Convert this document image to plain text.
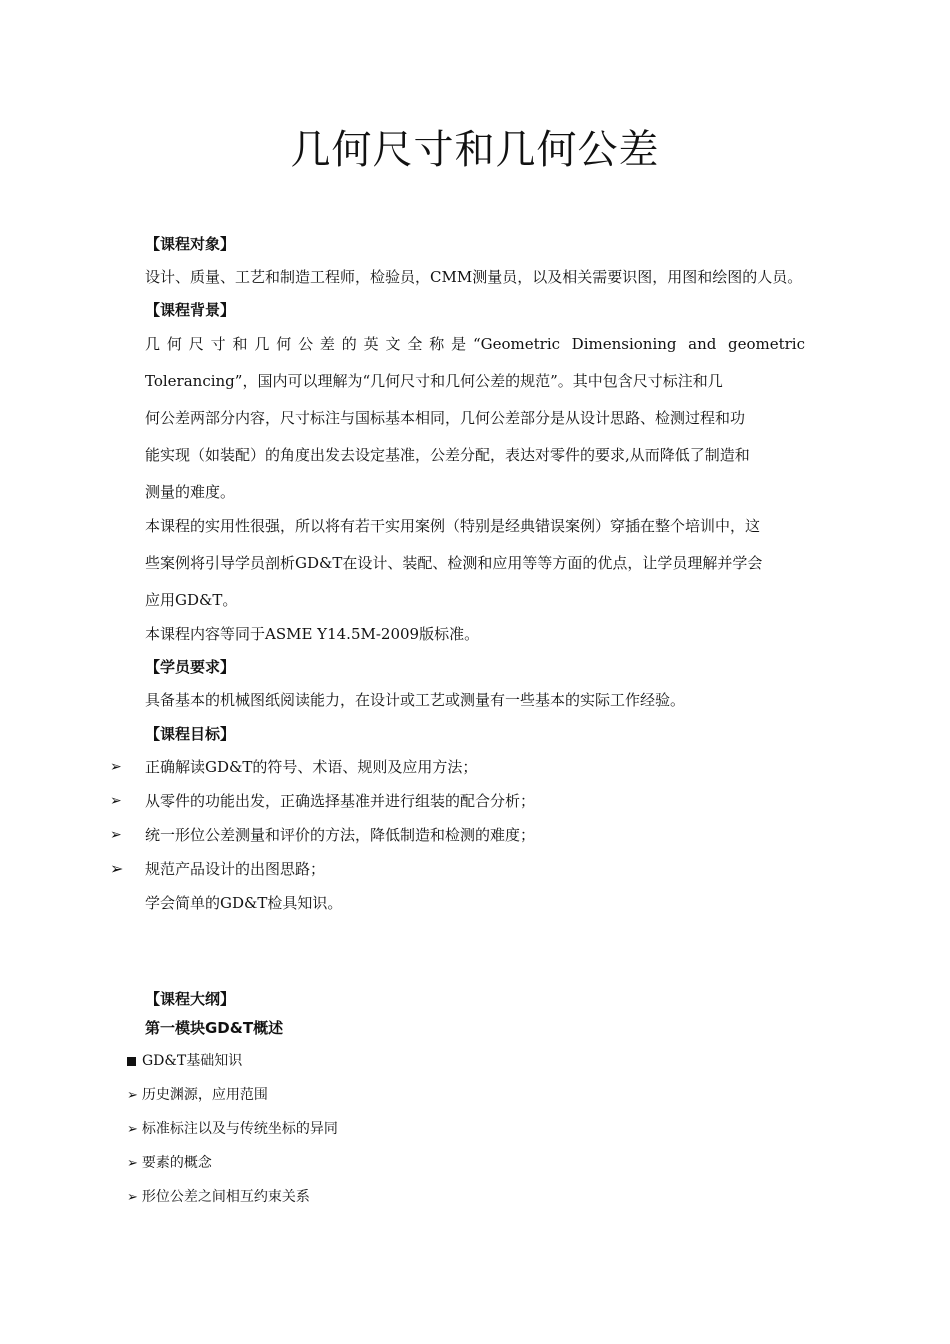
几何尺寸和几何公差
【课程对象】
设计、质量、工艺和制造工程师，检验员，CMM测量员，以及相关需要识图，用图和绘图的人员。
【课程背景】
几何尺寸和几何公差的英文全称是“Geometric Dimensioning and geometric
Tolerancing”，国内可以理解为“几何尺寸和几何公差的规范”。其中包含尺寸标注和几
何公差两部分内容，尺寸标注与国标基本相同，几何公差部分是从设计思路、检测过程和功
能实现（如装配）的角度出发去设定基准，公差分配，表达对零件的要求,从而降低了制造和
测量的难度。
本课程的实用性很强，所以将有若干实用案例（特别是经典错误案例）穿插在整个培训中，这
些案例将引导学员剖析GD&T在设计、装配、检测和应用等等方面的优点，让学员理解并学会
应用GD&T。
本课程内容等同于ASME Y14.5M-2009版标准。
【学员要求】
具备基本的机械图纸阅读能力，在设计或工艺或测量有一些基本的实际工作经验。
【课程目标】
➢ 正确解读GD&T的符号、术语、规则及应用方法；
➢ 从零件的功能出发，正确选择基准并进行组装的配合分析；
➢ 统一形位公差测量和评价的方法，降低制造和检测的难度；
➢ 规范产品设计的出图思路；
学会简单的GD&T检具知识。
【课程大纲】
第一模块GD&T概述
GD&T基础知识
➢ 历史渊源，应用范围
➢ 标准标注以及与传统坐标的异同
➢ 要素的概念
➢ 形位公差之间相互约束关系
